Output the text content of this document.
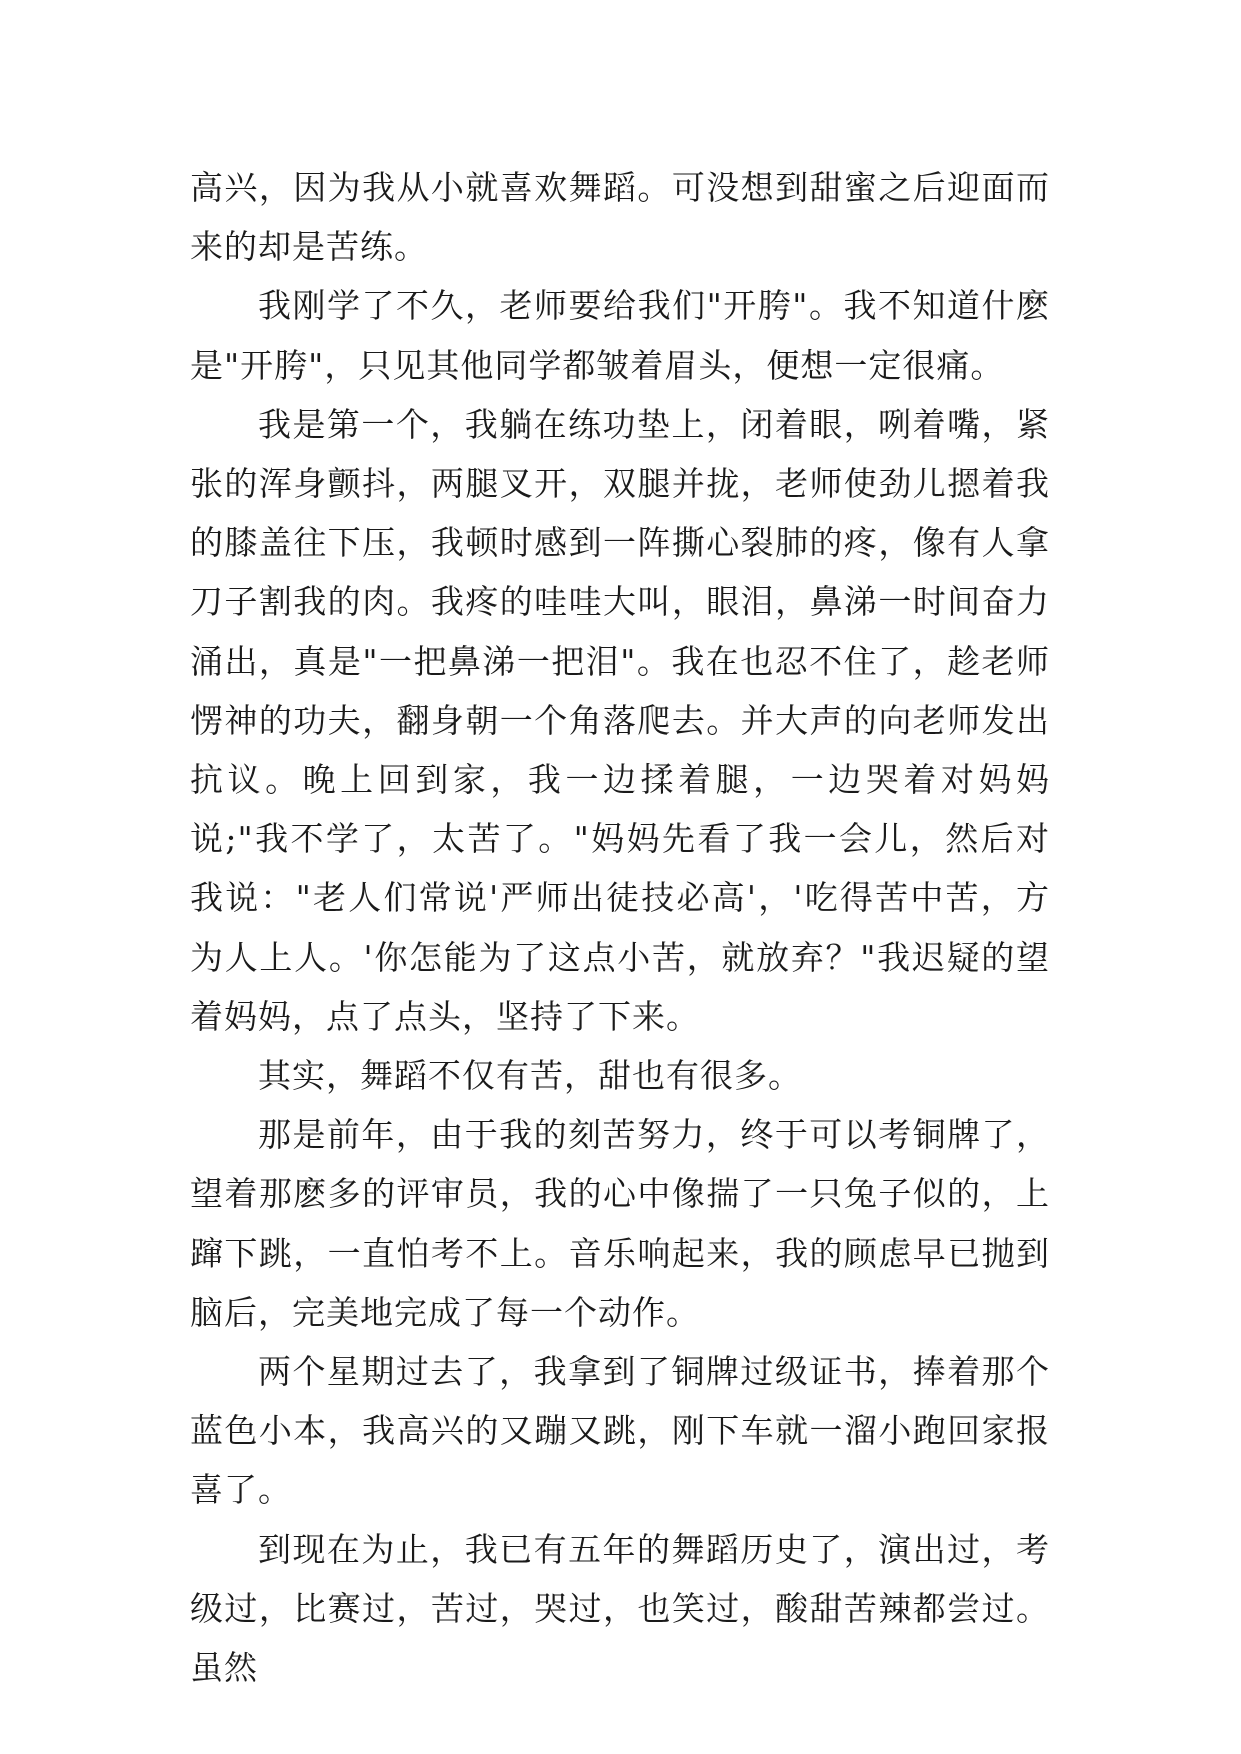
高兴，因为我从小就喜欢舞蹈。可没想到甜蜜之后迎面而来的却是苦练。

我刚学了不久，老师要给我们"开胯"。我不知道什麽是"开胯"，只见其他同学都皱着眉头，便想一定很痛。

我是第一个，我躺在练功垫上，闭着眼，咧着嘴，紧张的浑身颤抖，两腿叉开，双腿并拢，老师使劲儿摁着我的膝盖往下压，我顿时感到一阵撕心裂肺的疼，像有人拿刀子割我的肉。我疼的哇哇大叫，眼泪，鼻涕一时间奋力涌出，真是"一把鼻涕一把泪"。我在也忍不住了，趁老师愣神的功夫，翻身朝一个角落爬去。并大声的向老师发出抗议。晚上回到家，我一边揉着腿，一边哭着对妈妈说;"我不学了，太苦了。"妈妈先看了我一会儿，然后对我说："老人们常说'严师出徒技必高'，'吃得苦中苦，方为人上人。'你怎能为了这点小苦，就放弃？"我迟疑的望着妈妈，点了点头，坚持了下来。

其实，舞蹈不仅有苦，甜也有很多。

那是前年，由于我的刻苦努力，终于可以考铜牌了，望着那麽多的评审员，我的心中像揣了一只兔子似的，上蹿下跳，一直怕考不上。音乐响起来，我的顾虑早已抛到脑后，完美地完成了每一个动作。

两个星期过去了，我拿到了铜牌过级证书，捧着那个蓝色小本，我高兴的又蹦又跳，刚下车就一溜小跑回家报喜了。

到现在为止，我已有五年的舞蹈历史了，演出过，考级过，比赛过，苦过，哭过，也笑过，酸甜苦辣都尝过。虽然
